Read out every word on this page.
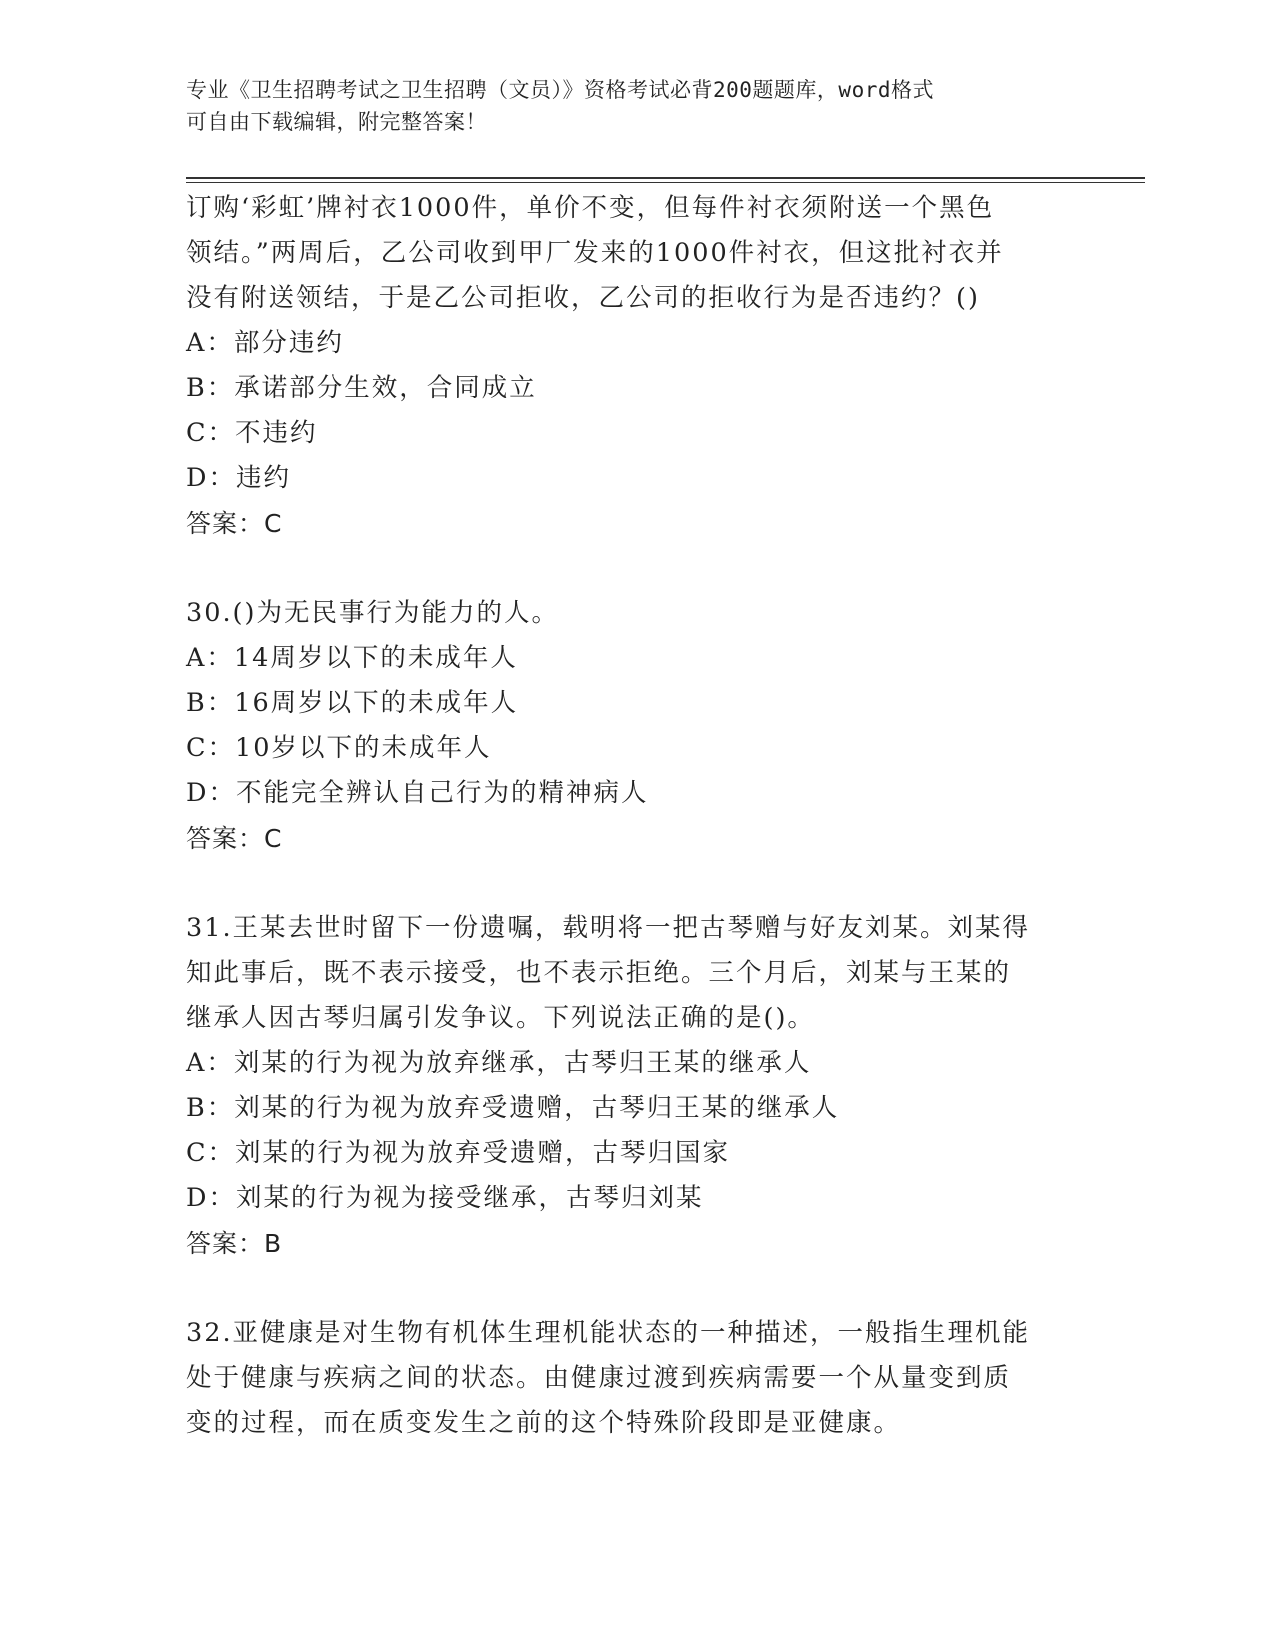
专业《卫生招聘考试之卫生招聘（文员）》资格考试必背200题题库，word格式
可自由下载编辑，附完整答案！
订购‘彩虹’牌衬衣1000件，单价不变，但每件衬衣须附送一个黑色
领结。”两周后，乙公司收到甲厂发来的1000件衬衣，但这批衬衣并
没有附送领结，于是乙公司拒收，乙公司的拒收行为是否违约？()
A：部分违约
B：承诺部分生效，合同成立
C：不违约
D：违约
答案：C
30.()为无民事行为能力的人。
A：14周岁以下的未成年人
B：16周岁以下的未成年人
C：10岁以下的未成年人
D：不能完全辨认自己行为的精神病人
答案：C
31.王某去世时留下一份遗嘱，载明将一把古琴赠与好友刘某。刘某得
知此事后，既不表示接受，也不表示拒绝。三个月后，刘某与王某的
继承人因古琴归属引发争议。下列说法正确的是()。
A：刘某的行为视为放弃继承，古琴归王某的继承人
B：刘某的行为视为放弃受遗赠，古琴归王某的继承人
C：刘某的行为视为放弃受遗赠，古琴归国家
D：刘某的行为视为接受继承，古琴归刘某
答案：B
32.亚健康是对生物有机体生理机能状态的一种描述，一般指生理机能
处于健康与疾病之间的状态。由健康过渡到疾病需要一个从量变到质
变的过程，而在质变发生之前的这个特殊阶段即是亚健康。
